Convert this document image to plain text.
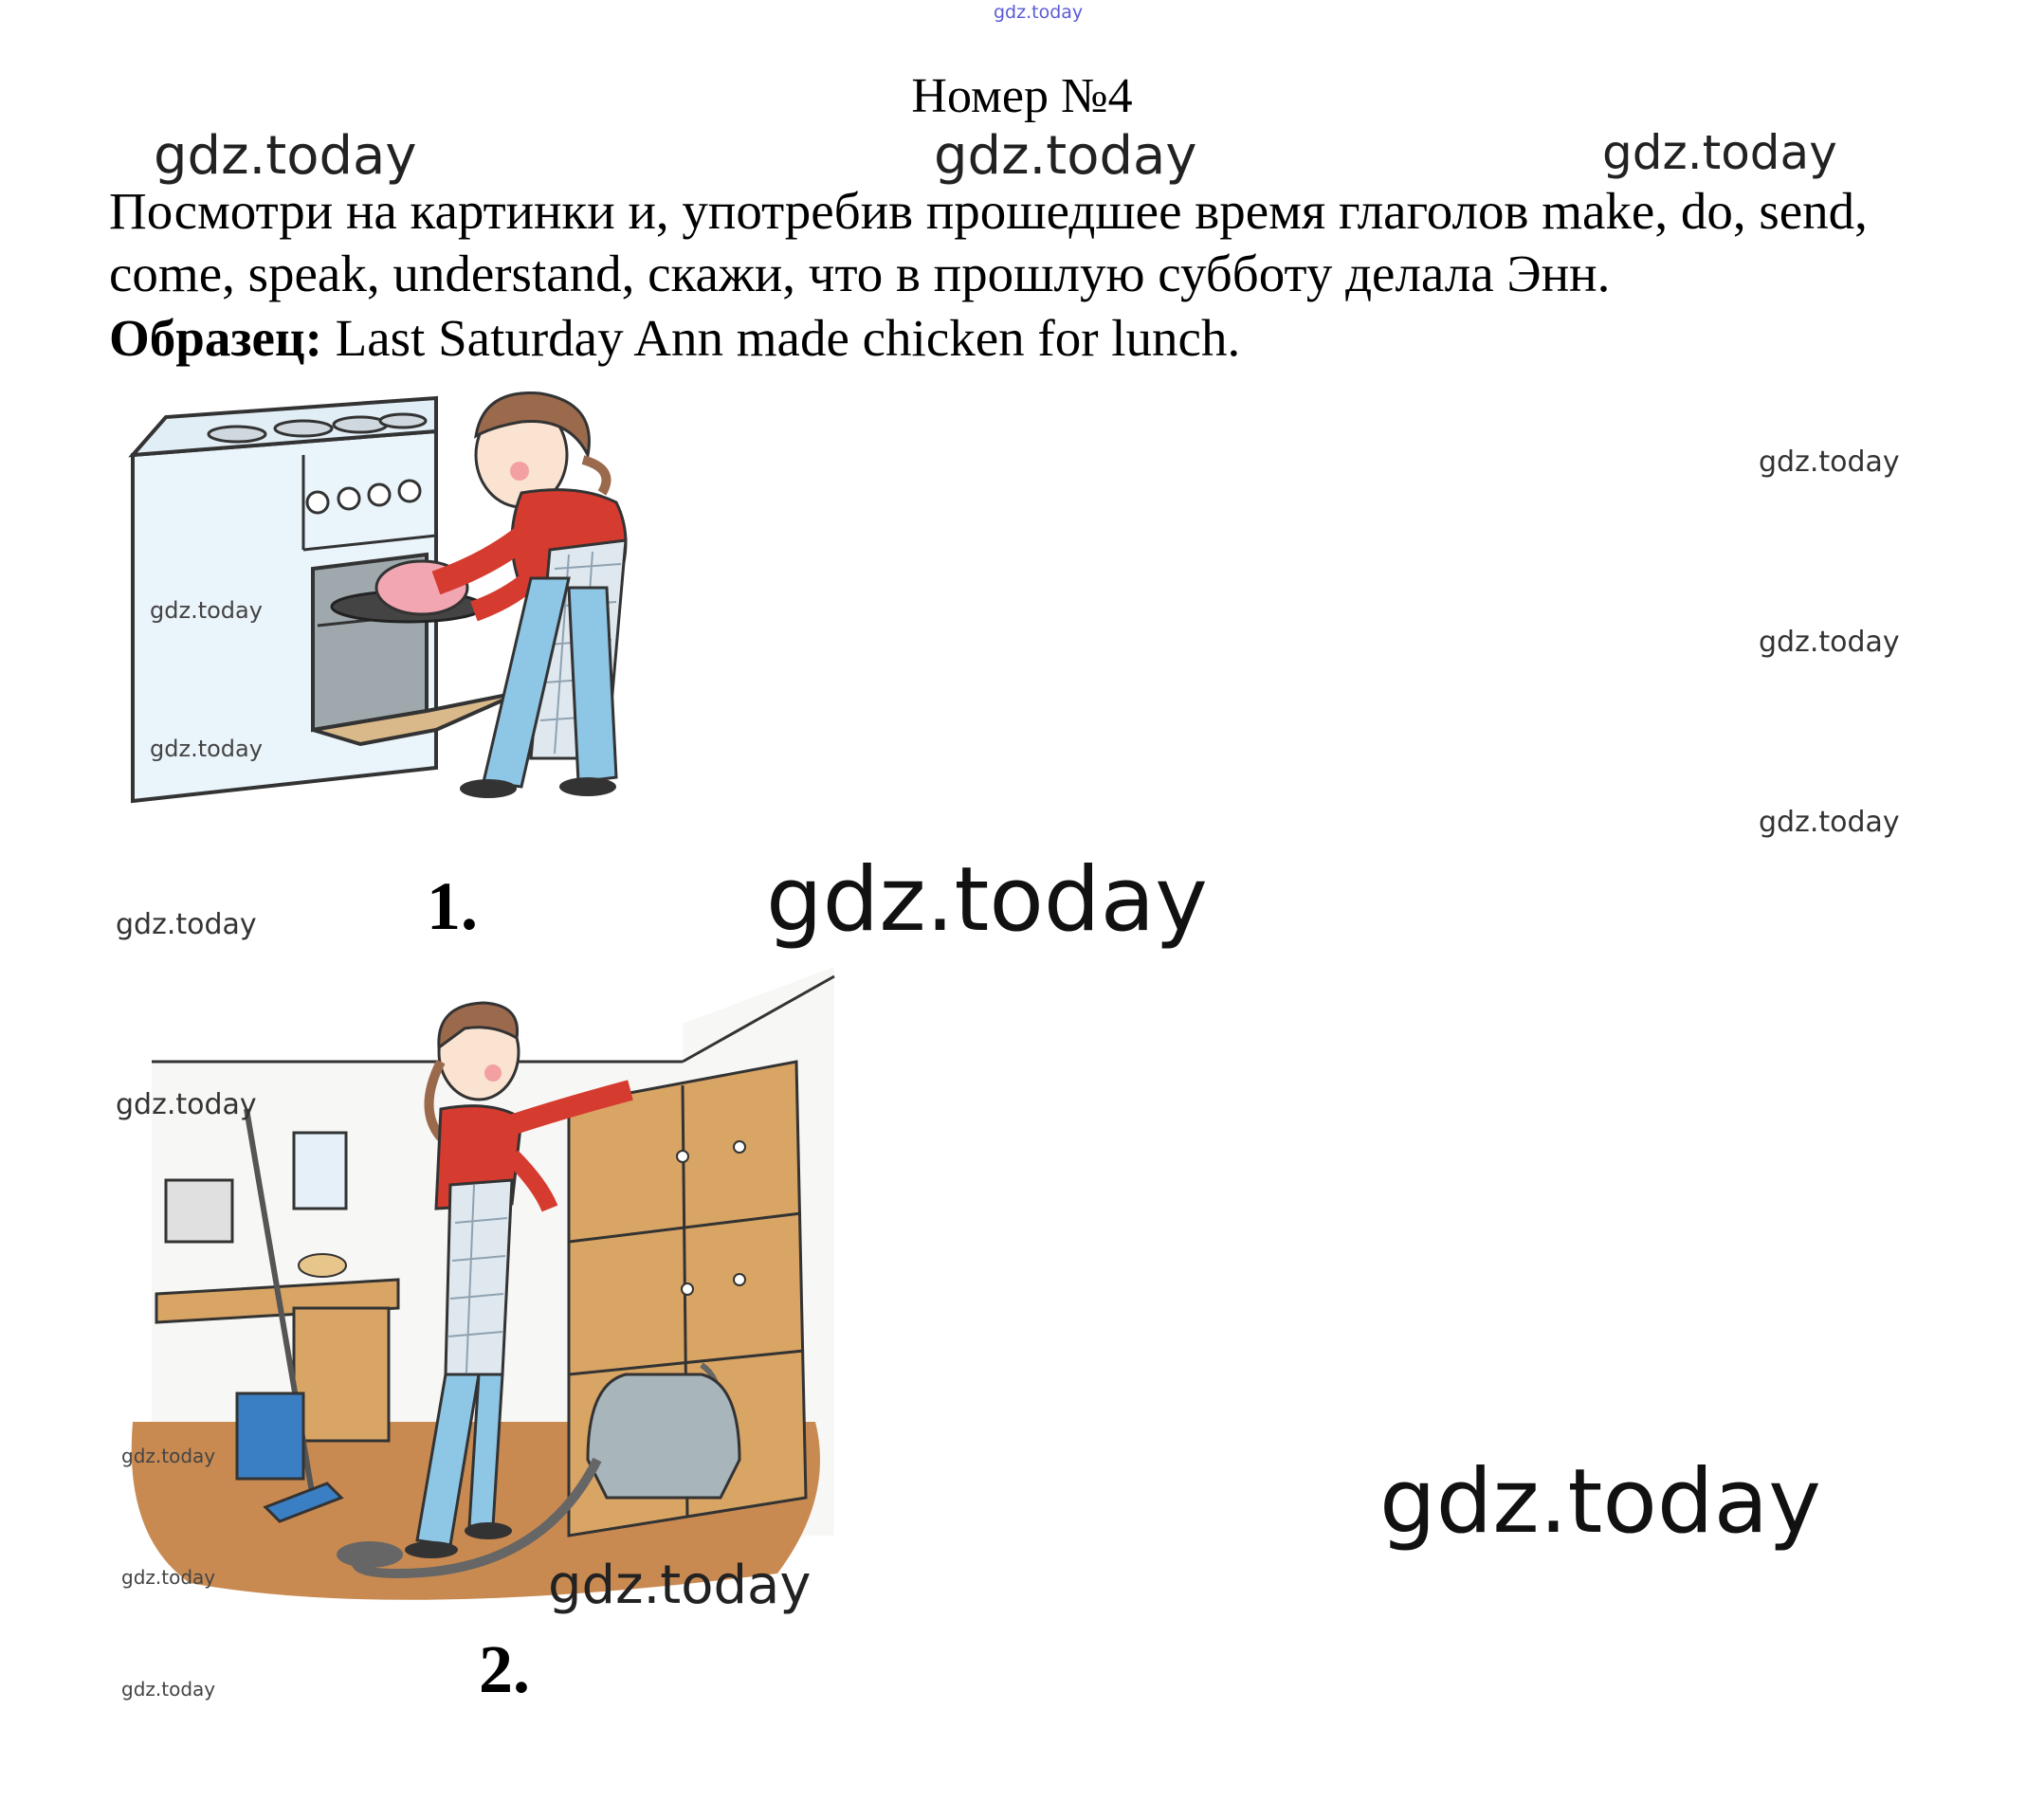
gdz.today
Номер №4
gdz.today	gdz.today	gdz.today
Посмотри на картинки и, употребив прошедшее время глаголов make, do, send, come, speak, understand, скажи, что в прошлую субботу делала Энн.
Образец: Last Saturday Ann made chicken for lunch.
gdz.today
gdz.today
gdz.today
gdz.today
gdz.today
1.
gdz.today	gdz.today
gdz.today
gdz.today
gdz.today
gdz.today
gdz.today
gdz.today
2.
